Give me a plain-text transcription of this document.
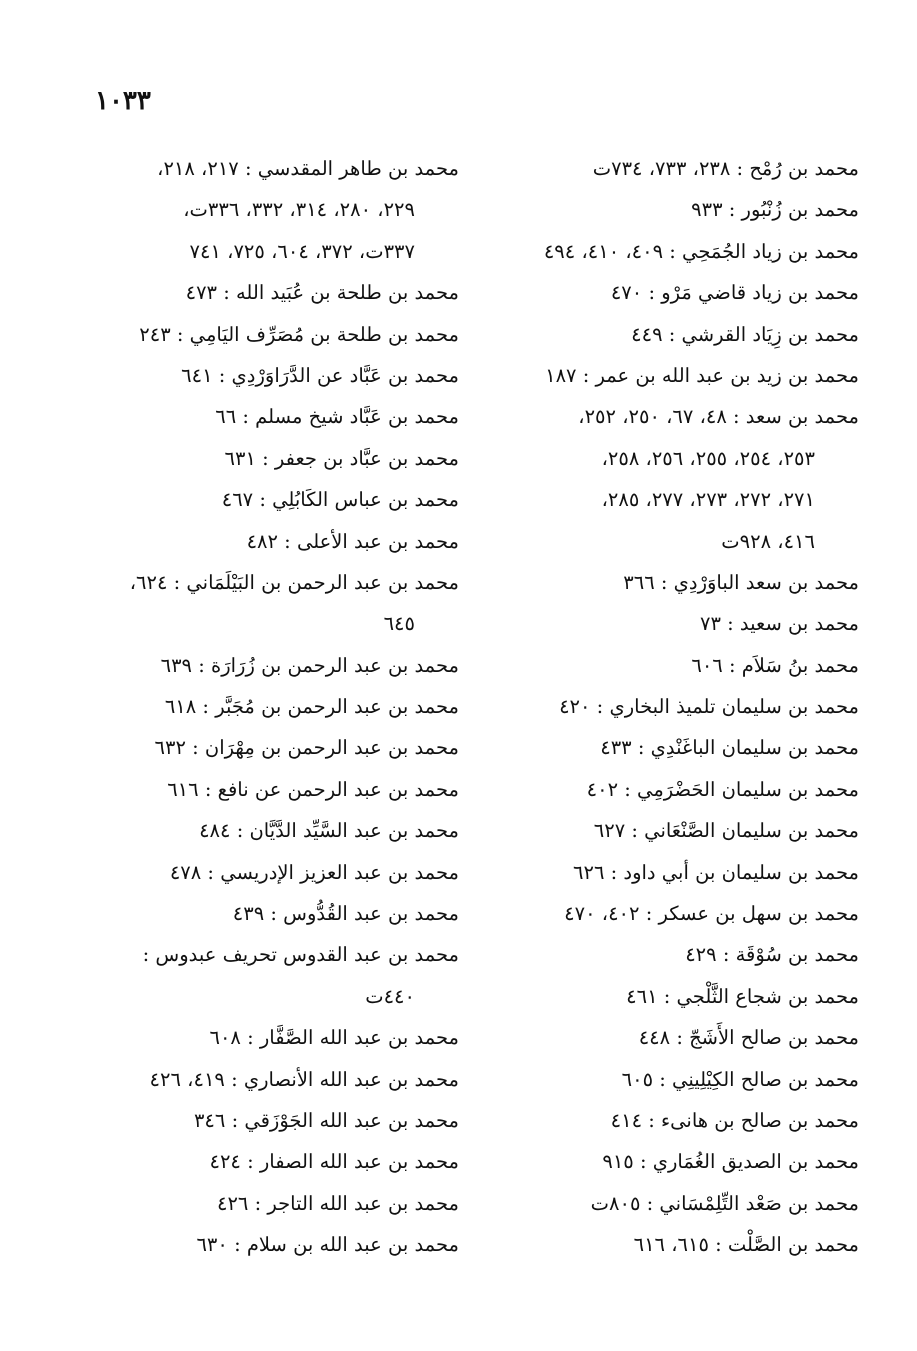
١٠٣٣
محمد بن رُمْح : ٢٣٨، ٧٣٣، ٧٣٤ت
محمد بن زُنْبُور : ٩٣٣
محمد بن زياد الجُمَحِي : ٤٠٩، ٤١٠، ٤٩٤
محمد بن زياد قاضي مَرْو : ٤٧٠
محمد بن زِيَاد القرشي : ٤٤٩
محمد بن زيد بن عبد الله بن عمر : ١٨٧
محمد بن سعد : ٤٨، ٦٧، ٢٥٠، ٢٥٢،
٢٥٣، ٢٥٤، ٢٥٥، ٢٥٦، ٢٥٨،
٢٧١، ٢٧٢، ٢٧٣، ٢٧٧، ٢٨٥،
٤١٦، ٩٢٨ت
محمد بن سعد الباوَرْدِي : ٣٦٦
محمد بن سعيد : ٧٣
محمد بنُ سَلاَم : ٦٠٦
محمد بن سليمان تلميذ البخاري : ٤٢٠
محمد بن سليمان الباغَنْدِي : ٤٣٣
محمد بن سليمان الحَضْرَمِي : ٤٠٢
محمد بن سليمان الصَّنْعَاني : ٦٢٧
محمد بن سليمان بن أبي داود : ٦٢٦
محمد بن سهل بن عسكر : ٤٠٢، ٤٧٠
محمد بن سُوْقَة : ٤٢٩
محمد بن شجاع الثَّلْجي : ٤٦١
محمد بن صالح الأَشَجّ : ٤٤٨
محمد بن صالح الكِيْلِينِي : ٦٠٥
محمد بن صالح بن هانىء : ٤١٤
محمد بن الصديق الغُمَاري : ٩١٥
محمد بن صَعْد التِّلِمْسَاني : ٨٠٥ت
محمد بن الصَّلْت : ٦١٥، ٦١٦
محمد بن طاهر المقدسي : ٢١٧، ٢١٨،
٢٢٩، ٢٨٠، ٣١٤، ٣٣٢، ٣٣٦ت،
٣٣٧ت، ٣٧٢، ٦٠٤، ٧٢٥، ٧٤١
محمد بن طلحة بن عُبَيد الله : ٤٧٣
محمد بن طلحة بن مُصَرِّف اليَامِي : ٢٤٣
محمد بن عَبَّاد عن الدَّرَاوَرْدِي : ٦٤١
محمد بن عَبَّاد شيخ مسلم : ٦٦
محمد بن عبَّاد بن جعفر : ٦٣١
محمد بن عباس الكَابُلِي : ٤٦٧
محمد بن عبد الأعلى : ٤٨٢
محمد بن عبد الرحمن بن البَيْلَمَاني : ٦٢٤،
٦٤٥
محمد بن عبد الرحمن بن زُرَارَة : ٦٣٩
محمد بن عبد الرحمن بن مُجَبَّر : ٦١٨
محمد بن عبد الرحمن بن مِهْرَان : ٦٣٢
محمد بن عبد الرحمن عن نافع : ٦١٦
محمد بن عبد السَّيِّد الدَّيَّان : ٤٨٤
محمد بن عبد العزيز الإدريسي : ٤٧٨
محمد بن عبد القُدُّوس : ٤٣٩
محمد بن عبد القدوس تحريف عبدوس :
٤٤٠ت
محمد بن عبد الله الصَّفَّار : ٦٠٨
محمد بن عبد الله الأنصاري : ٤١٩، ٤٢٦
محمد بن عبد الله الجَوْزَقي : ٣٤٦
محمد بن عبد الله الصفار : ٤٢٤
محمد بن عبد الله التاجر : ٤٢٦
محمد بن عبد الله بن سلام : ٦٣٠
